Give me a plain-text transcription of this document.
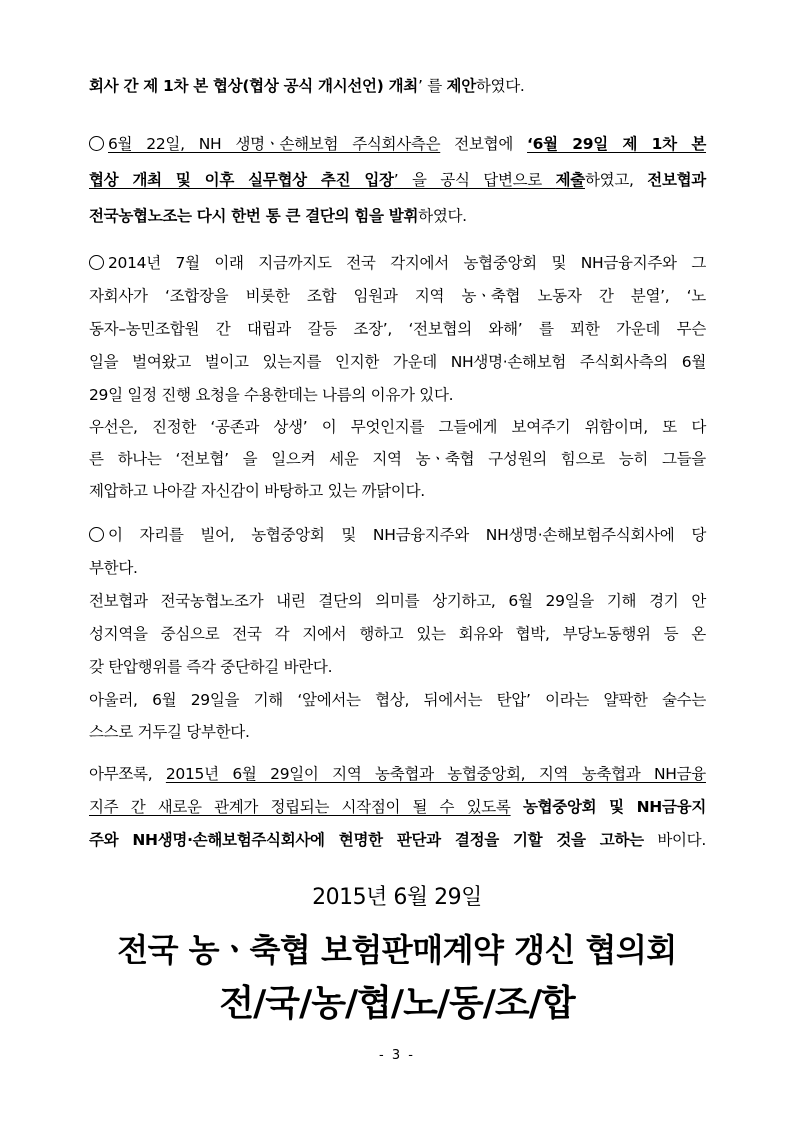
회사 간 제 1차 본 협상(협상 공식 개시선언) 개최’ 를 제안하였다.
6월 22일, NH 생명ㆍ손해보험 주식회사측은 전보협에 ‘6월 29일 제 1차 본
협상 개최 및 이후 실무협상 추진 입장’ 을 공식 답변으로 제출하였고, 전보협과
전국농협노조는 다시 한번 통 큰 결단의 힘을 발휘하였다.
2014년 7월 이래 지금까지도 전국 각지에서 농협중앙회 및 NH금융지주와 그
자회사가 ‘조합장을 비롯한 조합 임원과 지역 농ㆍ축협 노동자 간 분열’, ‘노
동자–농민조합원 간 대립과 갈등 조장’, ‘전보협의 와해’ 를 꾀한 가운데 무슨
일을 벌여왔고 벌이고 있는지를 인지한 가운데 NH생명·손해보험 주식회사측의 6월
29일 일정 진행 요청을 수용한데는 나름의 이유가 있다.
우선은, 진정한 ‘공존과 상생’ 이 무엇인지를 그들에게 보여주기 위함이며, 또 다
른 하나는 ‘전보협’ 을 일으켜 세운 지역 농ㆍ축협 구성원의 힘으로 능히 그들을
제압하고 나아갈 자신감이 바탕하고 있는 까닭이다.
이 자리를 빌어, 농협중앙회 및 NH금융지주와 NH생명·손해보험주식회사에 당
부한다.
전보협과 전국농협노조가 내린 결단의 의미를 상기하고, 6월 29일을 기해 경기 안
성지역을 중심으로 전국 각 지에서 행하고 있는 회유와 협박, 부당노동행위 등 온
갖 탄압행위를 즉각 중단하길 바란다.
아울러, 6월 29일을 기해 ‘앞에서는 협상, 뒤에서는 탄압’ 이라는 얄팍한 술수는
스스로 거두길 당부한다.
아무쪼록, 2015년 6월 29일이 지역 농축협과 농협중앙회, 지역 농축협과 NH금융
지주 간 새로운 관계가 정립되는 시작점이 될 수 있도록 농협중앙회 및 NH금융지
주와 NH생명·손해보험주식회사에 현명한 판단과 결정을 기할 것을 고하는 바이다.
2015년 6월 29일
전국 농ㆍ축협 보험판매계약 갱신 협의회
전/국/농/협/노/동/조/합
- 3 -
